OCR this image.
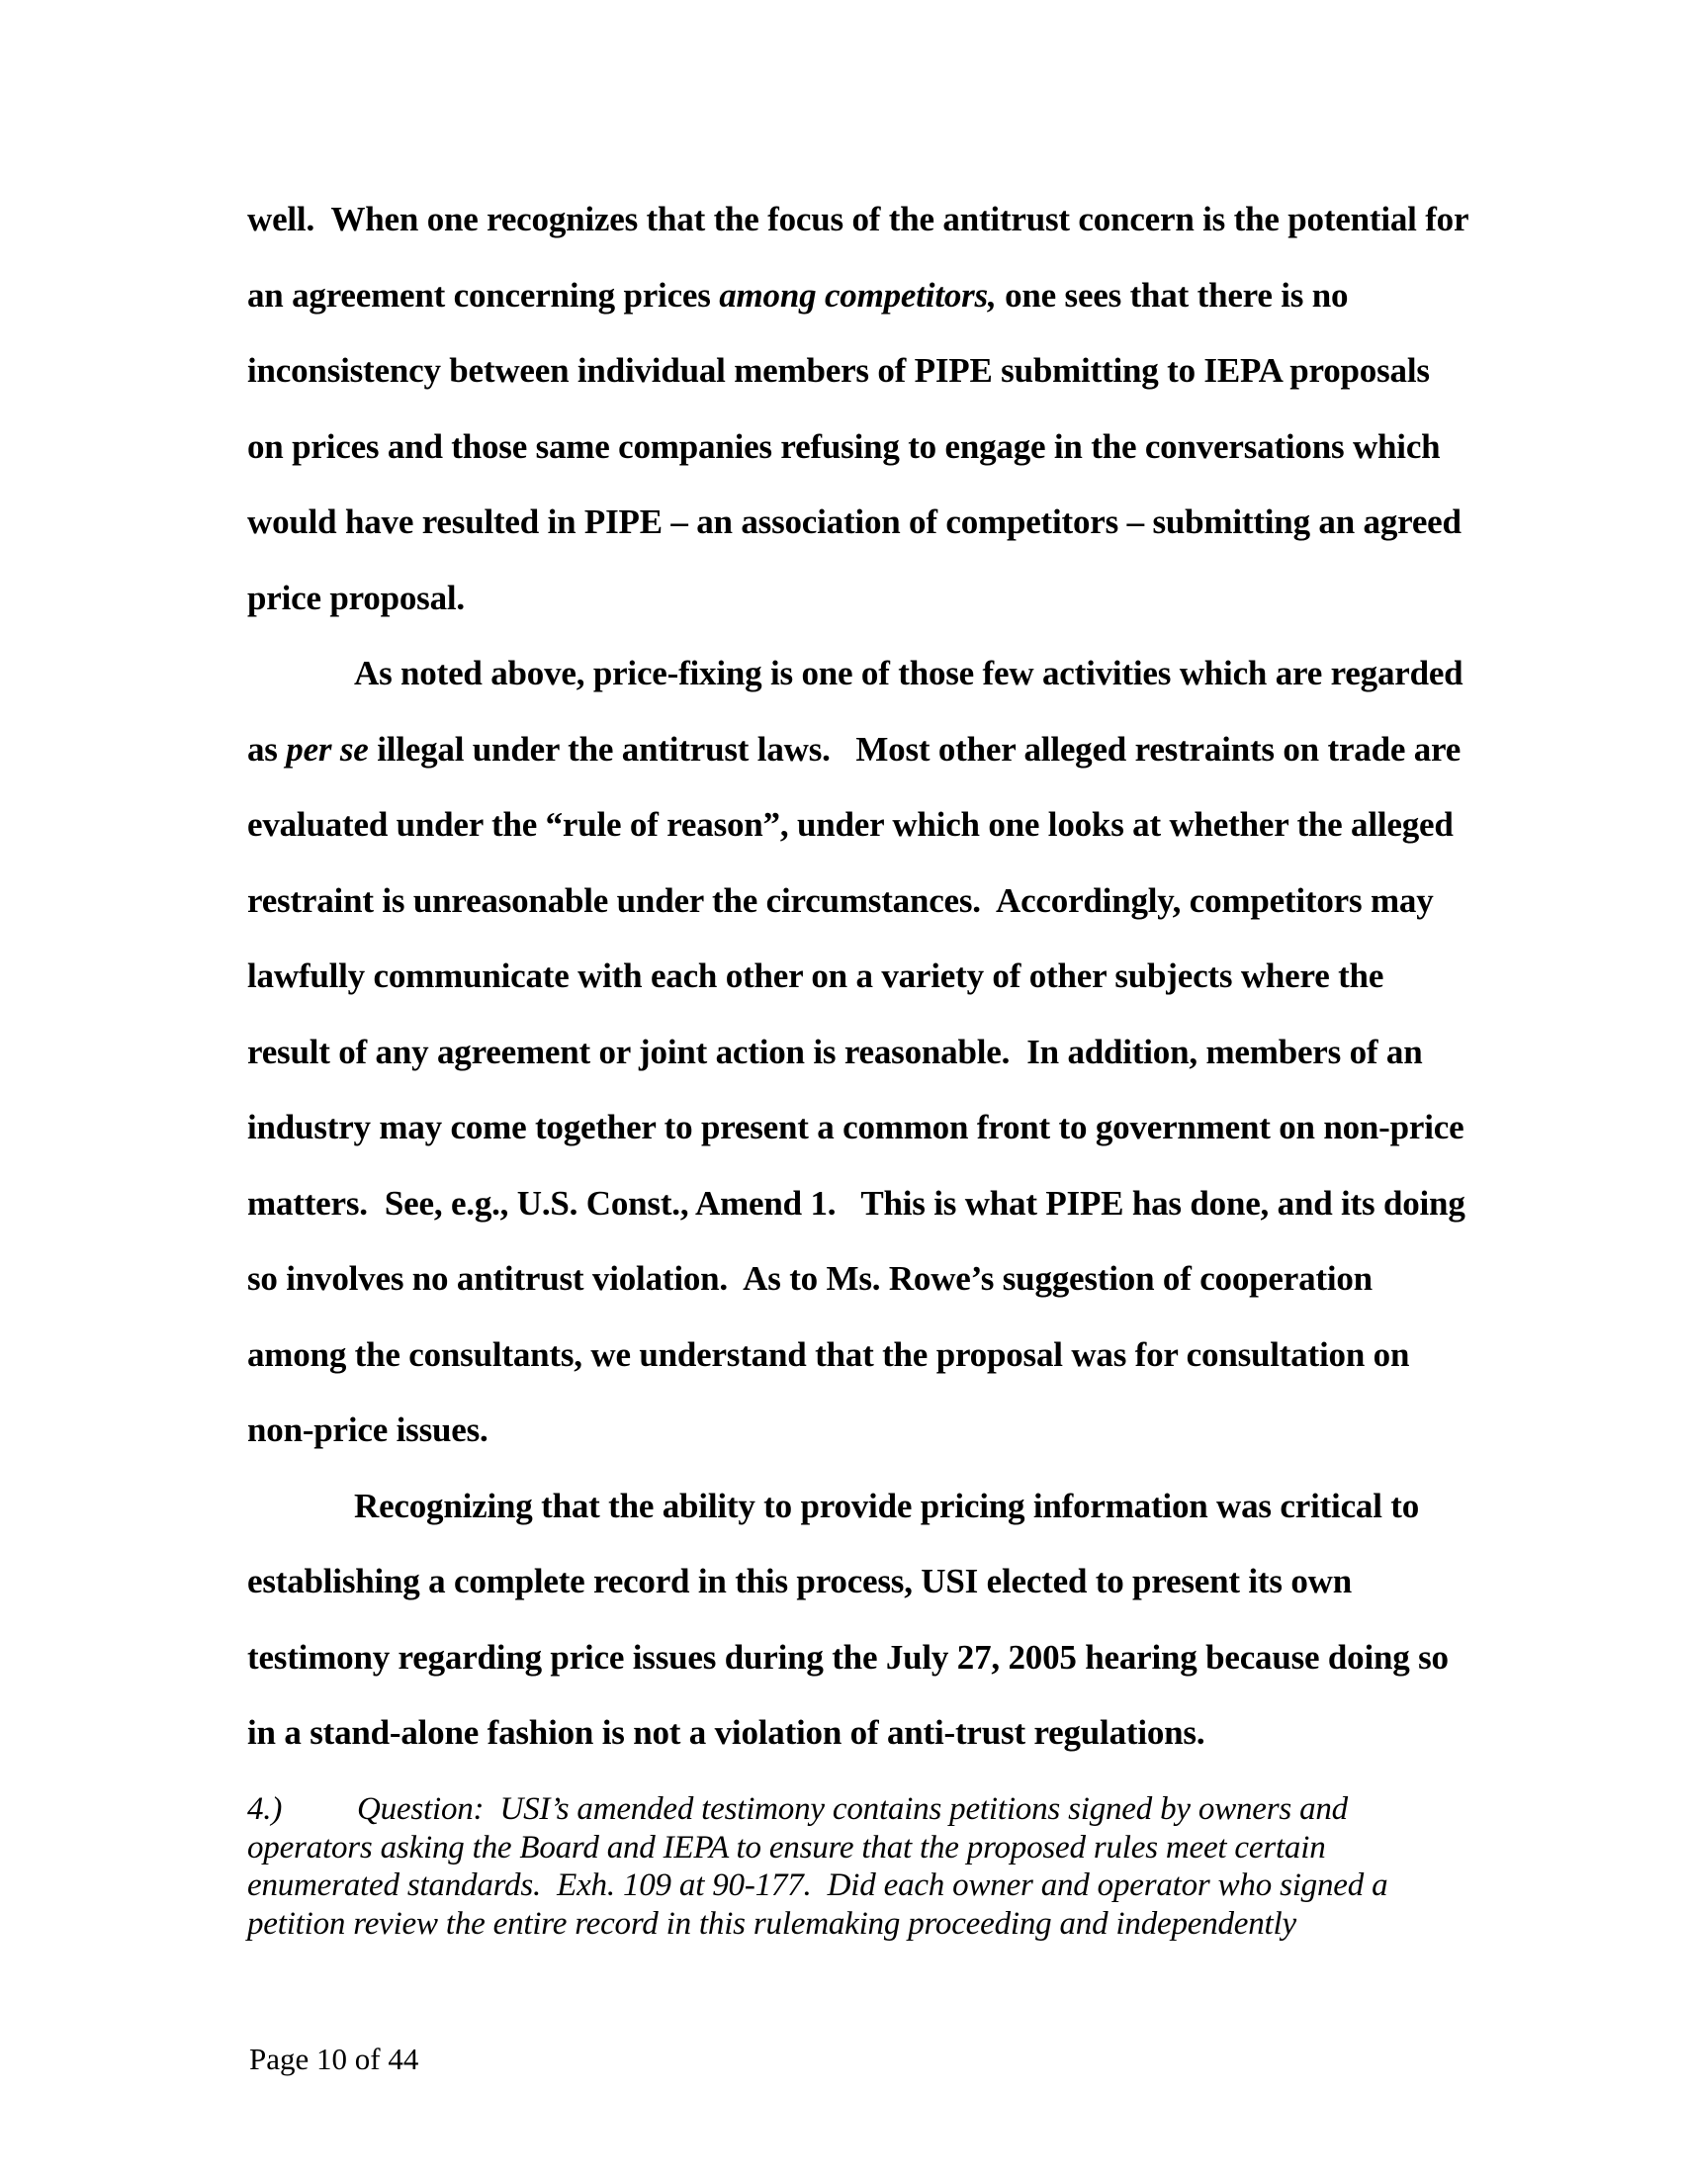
well.  When one recognizes that the focus of the antitrust concern is the potential for
an agreement concerning prices among competitors, one sees that there is no
inconsistency between individual members of PIPE submitting to IEPA proposals
on prices and those same companies refusing to engage in the conversations which
would have resulted in PIPE – an association of competitors – submitting an agreed
price proposal.
As noted above, price-fixing is one of those few activities which are regarded
as per se illegal under the antitrust laws.   Most other alleged restraints on trade are
evaluated under the “rule of reason”, under which one looks at whether the alleged
restraint is unreasonable under the circumstances.  Accordingly, competitors may
lawfully communicate with each other on a variety of other subjects where the
result of any agreement or joint action is reasonable.  In addition, members of an
industry may come together to present a common front to government on non-price
matters.  See, e.g., U.S. Const., Amend 1.   This is what PIPE has done, and its doing
so involves no antitrust violation.  As to Ms. Rowe’s suggestion of cooperation
among the consultants, we understand that the proposal was for consultation on
non-price issues.
Recognizing that the ability to provide pricing information was critical to
establishing a complete record in this process, USI elected to present its own
testimony regarding price issues during the July 27, 2005 hearing because doing so
in a stand-alone fashion is not a violation of anti-trust regulations.
4.) Question:  USI’s amended testimony contains petitions signed by owners and
operators asking the Board and IEPA to ensure that the proposed rules meet certain
enumerated standards.  Exh. 109 at 90-177.  Did each owner and operator who signed a
petition review the entire record in this rulemaking proceeding and independently
Page 10 of 44
